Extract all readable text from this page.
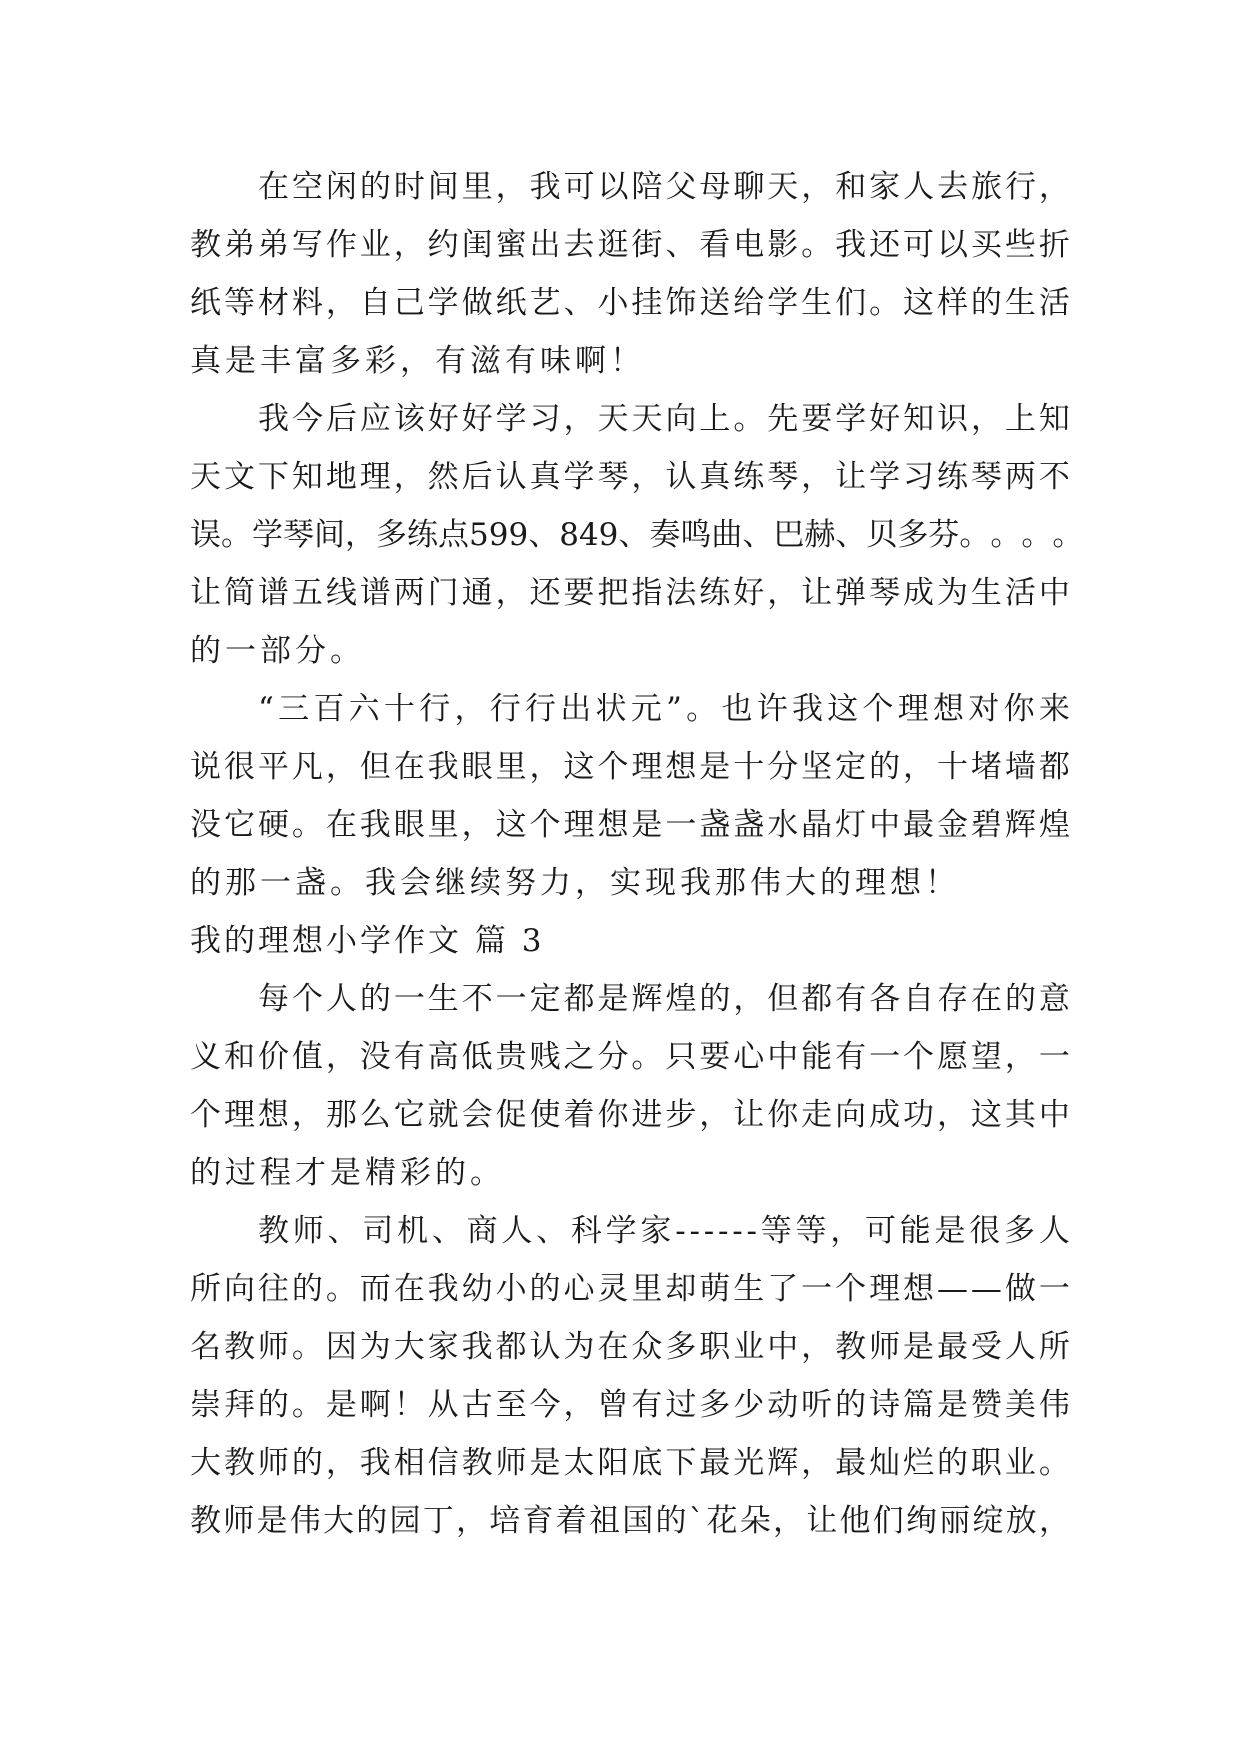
在 空 闲 的 时 间 里 ， 我 可 以 陪 父 母 聊 天 ， 和 家 人 去 旅 行 ，
教 弟 弟 写 作 业 ， 约 闺 蜜 出 去 逛 街 、 看 电 影 。 我 还 可 以 买 些 折
纸 等 材 料 ， 自 己 学 做 纸 艺 、 小 挂 饰 送 给 学 生 们 。 这 样 的 生 活
真是丰富多彩，有滋有味啊！
我 今 后 应 该 好 好 学 习 ， 天 天 向 上 。 先 要 学 好 知 识 ， 上 知
天 文 下 知 地 理 ， 然 后 认 真 学 琴 ， 认 真 练 琴 ， 让 学 习 练 琴 两 不
误 。 学 琴 间 ， 多 练 点 5 9 9 、 8 4 9 、 奏 鸣 曲 、 巴 赫 、 贝 多 芬 。 。 。 。
让 简 谱 五 线 谱 两 门 通 ， 还 要 把 指 法 练 好 ， 让 弹 琴 成 为 生 活 中
的一部分。
“ 三 百 六 十 行 ， 行 行 出 状 元 ” 。 也 许 我 这 个 理 想 对 你 来
说 很 平 凡 ， 但 在 我 眼 里 ， 这 个 理 想 是 十 分 坚 定 的 ， 十 堵 墙 都
没 它 硬 。 在 我 眼 里 ， 这 个 理 想 是 一 盏 盏 水 晶 灯 中 最 金 碧 辉 煌
的那一盏。我会继续努力，实现我那伟大的理想！
我的理想小学作文 篇 3
每 个 人 的 一 生 不 一 定 都 是 辉 煌 的 ， 但 都 有 各 自 存 在 的 意
义 和 价 值 ， 没 有 高 低 贵 贱 之 分 。 只 要 心 中 能 有 一 个 愿 望 ， 一
个 理 想 ， 那 么 它 就 会 促 使 着 你 进 步 ， 让 你 走 向 成 功 ， 这 其 中
的过程才是精彩的。
教 师 、 司 机 、 商 人 、 科 学 家 - - - - - - 等 等 ， 可 能 是 很 多 人
所 向 往 的 。 而 在 我 幼 小 的 心 灵 里 却 萌 生 了 一 个 理 想 — — 做 一
名 教 师 。 因 为 大 家 我 都 认 为 在 众 多 职 业 中 ， 教 师 是 最 受 人 所
崇 拜 的 。 是 啊 ！ 从 古 至 今 ， 曾 有 过 多 少 动 听 的 诗 篇 是 赞 美 伟
大 教 师 的 ， 我 相 信 教 师 是 太 阳 底 下 最 光 辉 ， 最 灿 烂 的 职 业 。
教 师 是 伟 大 的 园 丁 ， 培 育 着 祖 国 的 ` 花 朵 ， 让 他 们 绚 丽 绽 放 ，
